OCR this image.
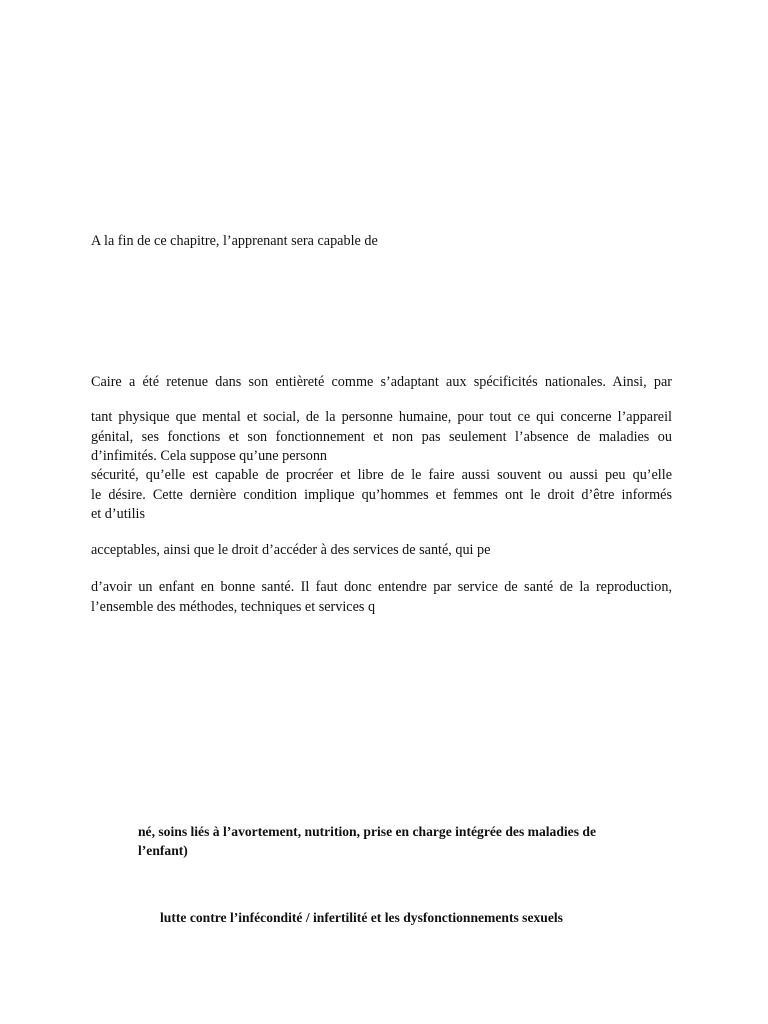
A la fin de ce chapitre, l’apprenant sera capable de
Caire a été retenue dans son entièreté comme s’adaptant aux spécificités nationales. Ainsi, par
tant physique que mental et social, de la personne humaine, pour tout ce qui concerne l’appareil
génital, ses fonctions et son fonctionnement et non pas seulement l’absence de maladies ou
d’infimités. Cela suppose qu’une personn
sécurité, qu’elle est capable de procréer et libre de le faire aussi souvent ou aussi peu qu’elle
le désire. Cette dernière condition implique qu’hommes et femmes ont le droit d’être informés
et d’utilis
acceptables, ainsi que le droit d’accéder à des services de santé, qui pe
d’avoir un enfant en bonne santé. Il faut donc entendre par service de santé de la reproduction,
l’ensemble des méthodes, techniques et services q
né, soins liés à l’avortement, nutrition, prise en charge intégrée des maladies de
l’enfant)
lutte contre l’infécondité / infertilité et les dysfonctionnements sexuels
